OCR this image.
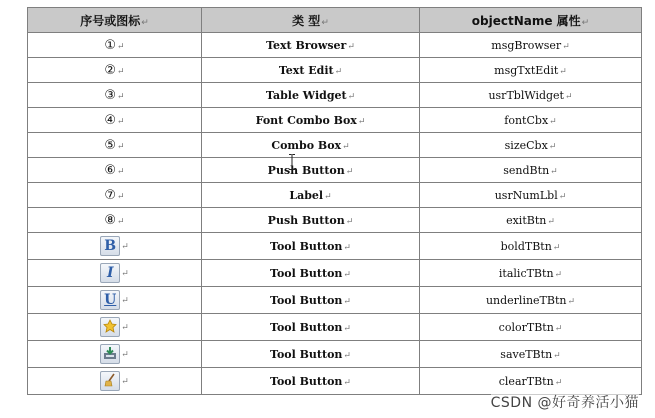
序号或图标↵	类 型↵	objectName 属性↵
①↵	Text Browser↵	msgBrowser↵
②↵	Text Edit↵	msgTxtEdit↵
③↵	Table Widget↵	usrTblWidget↵
④↵	Font Combo Box↵	fontCbx↵
⑤↵	Combo Box↵	sizeCbx↵
⑥↵	Push Button↵	sendBtn↵
⑦↵	Label↵	usrNumLbl↵
⑧↵	Push Button↵	exitBtn↵
B ↵	Tool Button↵	boldTBtn↵
I ↵	Tool Button↵	italicTBtn↵
U ↵	Tool Button↵	underlineTBtn↵

↵	Tool Button↵	colorTBtn↵

↵	Tool Button↵	saveTBtn↵

↵	Tool Button↵	clearTBtn↵
CSDN @好奇养活小猫
